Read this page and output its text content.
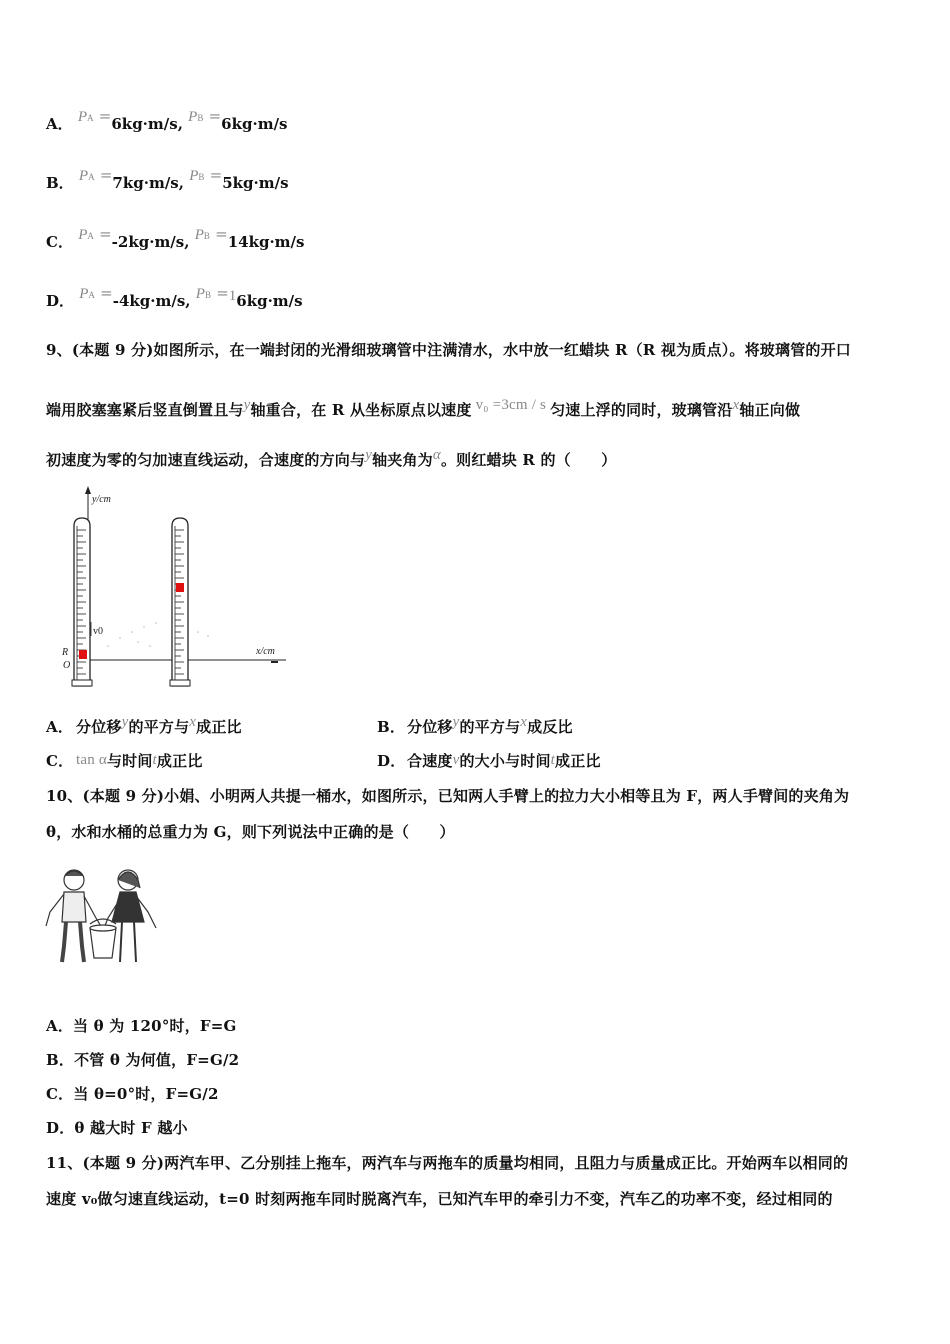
A． PA =6kg·m/s, PB =6kg·m/s
B． PA =7kg·m/s, PB =5kg·m/s
C． PA =-2kg·m/s, PB =14kg·m/s
D． PA =-4kg·m/s, PB =16kg·m/s
9、(本题 9 分)如图所示，在一端封闭的光滑细玻璃管中注满清水，水中放一红蜡块 R（R 视为质点）。将玻璃管的开口
端用胶塞塞紧后竖直倒置且与y轴重合，在 R 从坐标原点以速度 v₀ =3cm / s 匀速上浮的同时，玻璃管沿x轴正向做
初速度为零的匀加速直线运动，合速度的方向与y轴夹角为α。则红蜡块 R 的（　　）
y/cm
x/cm
v0
R
O
A． 分位移y的平方与x成正比	B． 分位移y的平方与x成反比
C． tan α与时间t成正比	D． 合速度v的大小与时间t成正比
10、(本题 9 分)小娟、小明两人共提一桶水，如图所示，已知两人手臂上的拉力大小相等且为 F，两人手臂间的夹角为
θ，水和水桶的总重力为 G，则下列说法中正确的是（　　）
A．当 θ 为 120°时，F=G
B．不管 θ 为何值，F=G/2
C．当 θ=0°时，F=G/2
D．θ 越大时 F 越小
11、(本题 9 分)两汽车甲、乙分别挂上拖车，两汽车与两拖车的质量均相同，且阻力与质量成正比。开始两车以相同的
速度 v₀做匀速直线运动，t=0 时刻两拖车同时脱离汽车，已知汽车甲的牵引力不变，汽车乙的功率不变，经过相同的
